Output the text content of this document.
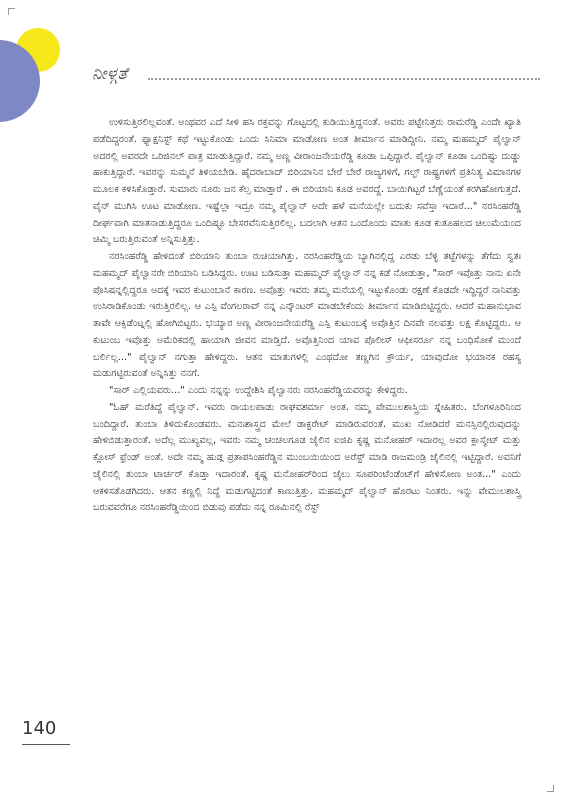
ನೀಳ್ಗತೆ

ಉಳಿಸುತ್ತಿರಲಿಲ್ಲವಂತೆ. ಅಂಥವರ ಎದೆ ಸೀಳಿ ಹಸಿ ರಕ್ತವನ್ನು ಗೊಟ್ಟದಲ್ಲಿ ಕುಡಿಯುತ್ತಿದ್ದನಂತೆ. ಅವರು ಪಟ್ಟೇನಿತ್ತರು ರಾಮರೆಡ್ಡಿ ಎಂದೇ ಖ್ಯಾತಿ ಪಡೆದಿದ್ದರಂತೆ. ಫ್ಯಾಕ್ಷನಿಸ್ಟ್ ಕಥೆ ಇಟ್ಟುಕೊಂಡು ಒಂದು ಸಿನಿಮಾ ಮಾಡೋಣ ಅಂತ ತೀರ್ಮಾನ ಮಾಡಿದ್ದೀನಿ. ನಮ್ಮ ಮಹಮ್ಮದ್ ಪೈಲ್ವಾನ್ ಅದರಲ್ಲಿ ಅವರದೇ ಒರಿಜಿನಲ್ ಪಾತ್ರ ಮಾಡುತ್ತಿದ್ದಾರೆ. ನಮ್ಮ ಅಣ್ಣ ವೀರಾಂಜನೇಯರೆಡ್ಡಿ ಕೂಡಾ ಒಪ್ಪಿದ್ದಾರೆ. ಪೈಲ್ವಾನ್ ಕೂಡಾ ಒಂದಿಷ್ಟು ದುಡ್ಡು ಹಾಕುತ್ತಿದ್ದಾರೆ. ಇವರನ್ನು ಸುಮ್ಮನೆ ತಿಳಿಯಬೇಡಿ. ಹೈದರಾಬಾದ್ ಬಿರಿಯಾನಿನ ಬೇರೆ ಬೇರೆ ರಾಜ್ಯಗಳಿಗೆ, ಗಲ್ಫ್ ರಾಷ್ಟ್ರಗಳಿಗೆ ಪ್ರತಿನಿತ್ಯ ವಿಮಾನಗಳ ಮೂಲಕ ಕಳಿಸಿಕೊಡ್ತಾರೆ. ಸುಮಾರು ನೂರು ಜನ ಕೆಲ್ಸ ಮಾಡ್ತಾರೆ . ಈ ಬಿರಿಯಾನಿ ಕೂಡ ಅವರದ್ದೆ. ಬಾಯಿಗಿಟ್ಟರೆ ಬೆಣ್ಣೆಯಂತೆ ಕರಗಿಹೋಗುತ್ತದೆ. ವೈನ್ ಮುಗಿಸಿ ಊಟ ಮಾಡೋಣ. ಇಷ್ಟೆಲ್ಲಾ ಇದ್ರೂ ನಮ್ಮ ಪೈಲ್ವಾನ್ ಅದೇ ಹಳೆ ಮನೆಯಲ್ಲೇ ಬದುಕು ಸವೆಸ್ತಾ ಇದಾರೆ..." ನರಸಿಂಹರೆಡ್ಡಿ ದೀರ್ಘವಾಗಿ ಮಾತನಾಡುತ್ತಿದ್ದರೂ ಒಂದಿಷ್ಟೂ ಬೇಸರವೆನಿಸುತ್ತಿರಲಿಲ್ಲ. ಬದಲಾಗಿ ಆತನ ಒಂದೊಂದು ಮಾತು ಕೂಡ ಕುತೂಹಲದ ಚಿಲುಮೆಯಂದ ಚಿಮ್ಮಿ ಬರುತ್ತಿರುವಂತೆ ಅನ್ನಿಸುತ್ತಿತ್ತು.

ನರಸಿಂಹರೆಡ್ಡಿ ಹೇಳಿದಂತೆ ಬಿರಿಯಾನಿ ತುಂಬಾ ರುಚಿಯಾಗಿತ್ತು. ನರಸಿಂಹರೆಡ್ಡಿಯ ಬ್ಯಾಗಿನಲ್ಲಿದ್ದ ಎರಡು ಬೆಳ್ಳಿ ತಟ್ಟೆಗಳನ್ನು ತೆಗೆದು ಸ್ವತಃ ಮಹಮ್ಮದ್ ಪೈಲ್ವಾನರೇ ಬಿರಿಯಾನಿ ಬಡಿಸಿದ್ದರು. ಊಟ ಬಡಿಸುತ್ತಾ ಮಹಮ್ಮದ್ ಪೈಲ್ವಾನ್ ನನ್ನ ಕಡೆ ನೋಡುತ್ತಾ, "ಸಾರ್ ಇವೊತ್ತು ನಾನು ಏನೇ ಪೊಸಿಷನ್ನಲ್ಲಿದ್ದರೂ ಅದಕ್ಕೆ ಇವರ ಕುಟುಂಬಾನೆ ಕಾರಣ. ಅವೊತ್ತು ಇವರು ತಮ್ಮ ಮನೆಯಲ್ಲಿ ಇಟ್ಟುಕೊಂಡು ರಕ್ಷಣೆ ಕೊಡದೇ ಇದ್ದಿದ್ದರೆ ನಾನಿವತ್ತು ಉಸಿರಾಡಿಕೊಂಡು ಇರುತ್ತಿರಲಿಲ್ಲ. ಆ ಎಸ್ಪಿ ವೆಂಗಲರಾವ್ ನನ್ನ ಎನ್ಕೌಂಟರ್ ಮಾಡಬೇಕೆಂದು ತೀರ್ಮಾನ ಮಾಡಿಬಿಟ್ಟಿದ್ದರು. ಆದರೆ ಮಹಾನುಭಾವ ತಾವೇ ಆಕ್ಸಿಡೆಂಟ್ನಲ್ಲಿ ಹೋಗಿಬಿಟ್ಟರು. ಭಯ್ಯಾರ ಅಣ್ಣ ವೀರಾಂಜನೇಯರೆಡ್ಡಿ ಎಸ್ಪಿ ಕುಟುಂಬಕ್ಕೆ ಅವೊತ್ತಿನ ದಿನವೇ ನಲವತ್ತು ಲಕ್ಷ ಕೊಟ್ಟಿದ್ದರು. ಆ ಕುಟುಂಬ ಇವೊತ್ತು ಅಮೆರಿಕದಲ್ಲಿ ಹಾಯಾಗಿ ಜೀವನ ಮಾಡ್ತಿದೆ. ಅವೊತ್ತಿನಿಂದ ಯಾವ ಪೊಲೀಸ್ ಆಫೀಸರ್ರೂ ನನ್ನ ಬಂಧಿಸೋಕೆ ಮುಂದೆ ಬರ್ಲಿಲ್ಲ..." ಪೈಲ್ವಾನ್ ನಗುತ್ತಾ ಹೇಳಿದ್ದರು. ಆತನ ಮಾತುಗಳಲ್ಲಿ ಎಂಥದೋ ತಣ್ಣಗಿನ ಕ್ರೌರ್ಯ, ಯಾವುದೋ ಭಯಾನಕ ರಹಸ್ಯ ಮಡುಗಟ್ಟಿರುವಂತೆ ಅನ್ನಿಸಿತ್ತು ನನಗೆ.

"ಸಾರ್ ಎಲ್ಲಿಯವರು..." ಎಂದು ನನ್ನನ್ನು ಉದ್ದೇಶಿಸಿ ಪೈಲ್ವಾನರು ನರಸಿಂಹರೆಡ್ಡಿಯವರನ್ನು ಕೇಳಿದ್ದರು.

"ಓಹ್ ಮರೆತಿದ್ದೆ ಪೈಲ್ವಾನ್. ಇವರು ರಾಯಲಪಾಡು ರಾಘವಶರ್ಮಾ ಅಂತ. ನಮ್ಮ ವೇಮುಲಶಾಸ್ತ್ರಿಯ ಸ್ನೇಹಿತರು. ಬೆಂಗಳೂರಿನಿಂದ ಬಂದಿದ್ದಾರೆ. ತುಂಬಾ ತಿಳಿದುಕೊಂಡವರು. ಮನಃಶಾಸ್ತ್ರದ ಮೇಲೆ ಡಾಕ್ಟರೇಟ್ ಮಾಡಿರುವರಂತೆ. ಮುಖ ನೋಡಿದರೆ ಮನಸ್ಸಿನಲ್ಲಿರುವುದನ್ನು ಹೇಳಿಬಿಡುತ್ತಾರಂತೆ. ಅದೆಲ್ಲ ಮುಖ್ಯವಲ್ಲ, ಇವರು ನಮ್ಮ ಚಂಚಲಗೂಡ ಜೈಲಿನ ಐಜಿಪಿ ಕೃಷ್ಣ ಮನೋಹರ್ ಇದಾರಲ್ಲ ಅವರ ಕ್ಲಾಸ್ಮೇಟ್ ಮತ್ತು ಕ್ಲೋಸ್ ಫ್ರೆಂಡ್ ಅಂತೆ. ಅದೇ ನಮ್ಮ ಹುಡ್ಗ ಪ್ರತಾಪಸಿಂಹರೆಡ್ಡಿನ ಮುಂಬಯಿಯಿಂದ ಅರೆಸ್ಟ್ ಮಾಡಿ ರಾಜಮಂಡ್ರಿ ಜೈಲಿನಲ್ಲಿ ಇಟ್ಟಿದ್ದಾರೆ. ಅವನಿಗೆ ಜೈಲಿನಲ್ಲಿ ತುಂಬಾ ಟಾರ್ಚರ್ ಕೊಡ್ತಾ ಇದಾರಂತೆ. ಕೃಷ್ಣ ಮನೋಹರ್‌ರಿಂದ ಜೈಲು ಸೂಪರಿಂಟೆಂಡೆಂಟ್‌ಗೆ ಹೇಳಿಸೋಣ ಅಂತ..." ಎಂದು ಆಕಳಿಸತೊಡಗಿದರು. ಆತನ ಕಣ್ಣಲ್ಲಿ ನಿದ್ದೆ ಮಡುಗಟ್ಟಿದಂತೆ ಕಾಣುತ್ತಿತ್ತು. ಮಹಮ್ಮದ್ ಪೈಲ್ವಾನ್ ಹೊರಟು ನಿಂತರು. ಇನ್ನು ವೇಮುಲಶಾಸ್ತ್ರಿ ಬರುವವರೆಗೂ ನರಸಿಂಹರೆಡ್ಡಿಯಿಂದ ಬಿಡುವು ಪಡೆದು ನನ್ನ ರೂಮಿನಲ್ಲಿ ರೆಸ್ಟ್

140
